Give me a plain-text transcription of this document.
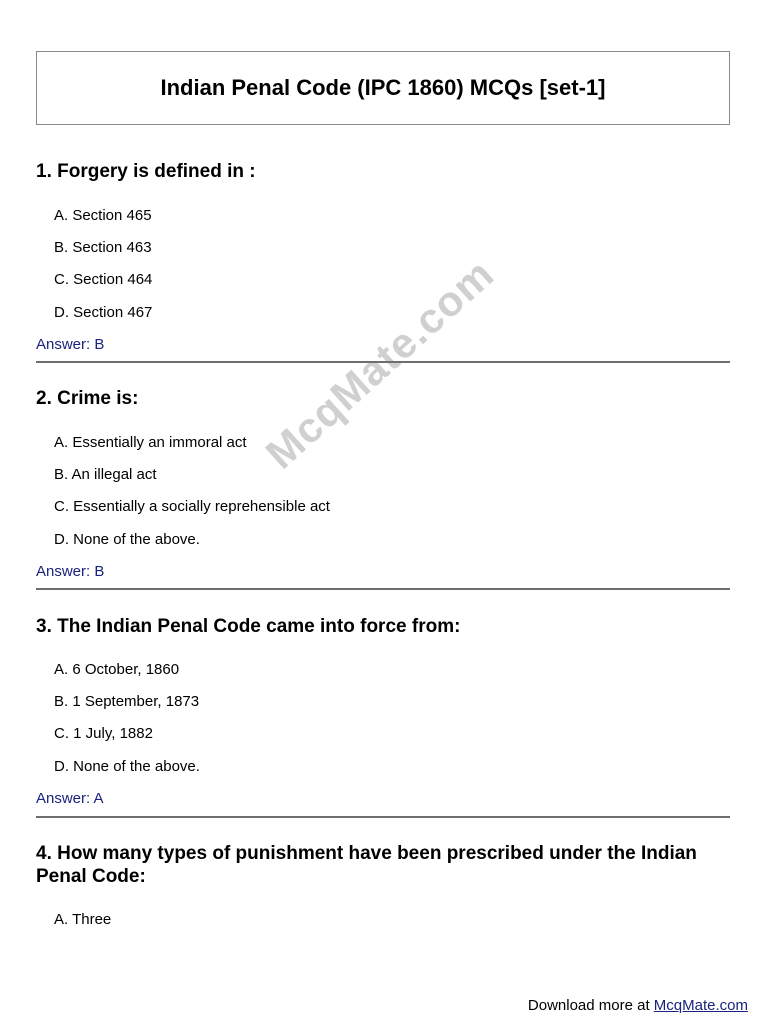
Indian Penal Code (IPC 1860) MCQs [set-1]
McqMate.com

1. Forgery is defined in :

A. Section 465
B. Section 463
C. Section 464
D. Section 467
Answer: B

2. Crime is:

A. Essentially an immoral act
B. An illegal act
C. Essentially a socially reprehensible act
D. None of the above.
Answer: B

3. The Indian Penal Code came into force from:

A. 6 October, 1860
B. 1 September, 1873
C. 1 July, 1882
D. None of the above.
Answer: A

4. How many types of punishment have been prescribed under the Indian Penal Code:

A. Three
Download more at McqMate.com
